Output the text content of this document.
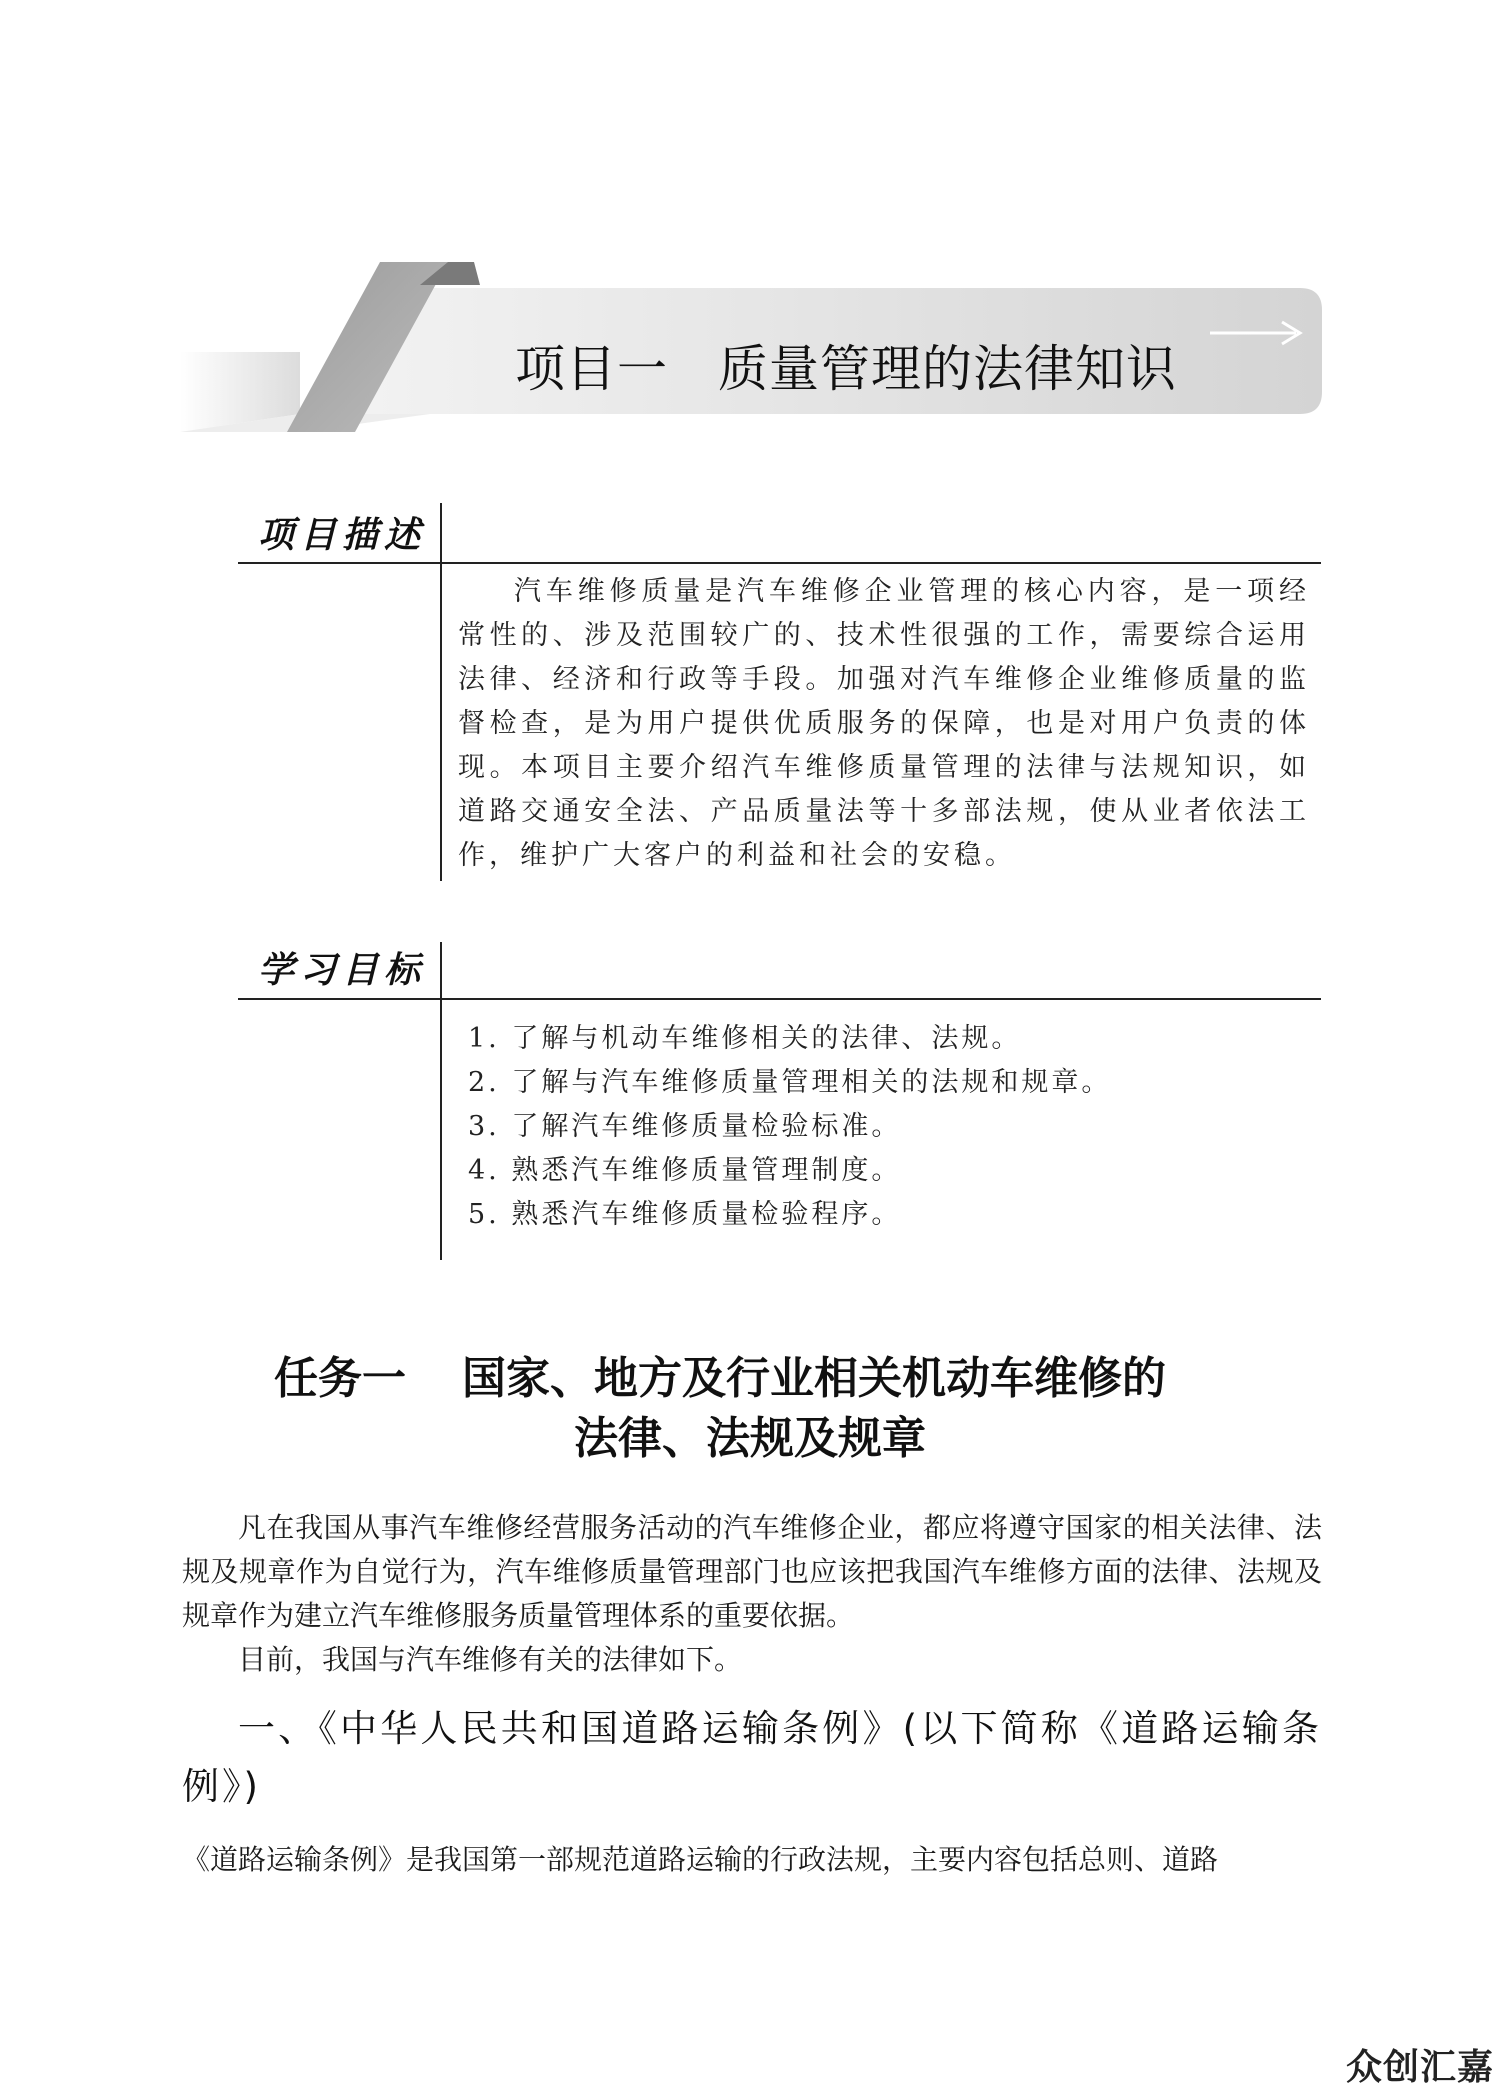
项目一 质量管理的法律知识
项目描述
汽车维修质量是汽车维修企业管理的核心内容，是一项经常性的、涉及范围较广的、技术性很强的工作，需要综合运用法律、经济和行政等手段。加强对汽车维修企业维修质量的监督检查，是为用户提供优质服务的保障，也是对用户负责的体现。本项目主要介绍汽车维修质量管理的法律与法规知识，如道路交通安全法、产品质量法等十多部法规，使从业者依法工作，维护广大客户的利益和社会的安稳。
学习目标
1. 了解与机动车维修相关的法律、法规。
2. 了解与汽车维修质量管理相关的法规和规章。
3. 了解汽车维修质量检验标准。
4. 熟悉汽车维修质量管理制度。
5. 熟悉汽车维修质量检验程序。
任务一 国家、地方及行业相关机动车维修的
法律、法规及规章
凡在我国从事汽车维修经营服务活动的汽车维修企业，都应将遵守国家的相关法律、法规及规章作为自觉行为，汽车维修质量管理部门也应该把我国汽车维修方面的法律、法规及规章作为建立汽车维修服务质量管理体系的重要依据。
目前，我国与汽车维修有关的法律如下。
一、《中华人民共和国道路运输条例》(以下简称《道路运输条例》)
《道路运输条例》是我国第一部规范道路运输的行政法规，主要内容包括总则、道路
众创汇嘉
